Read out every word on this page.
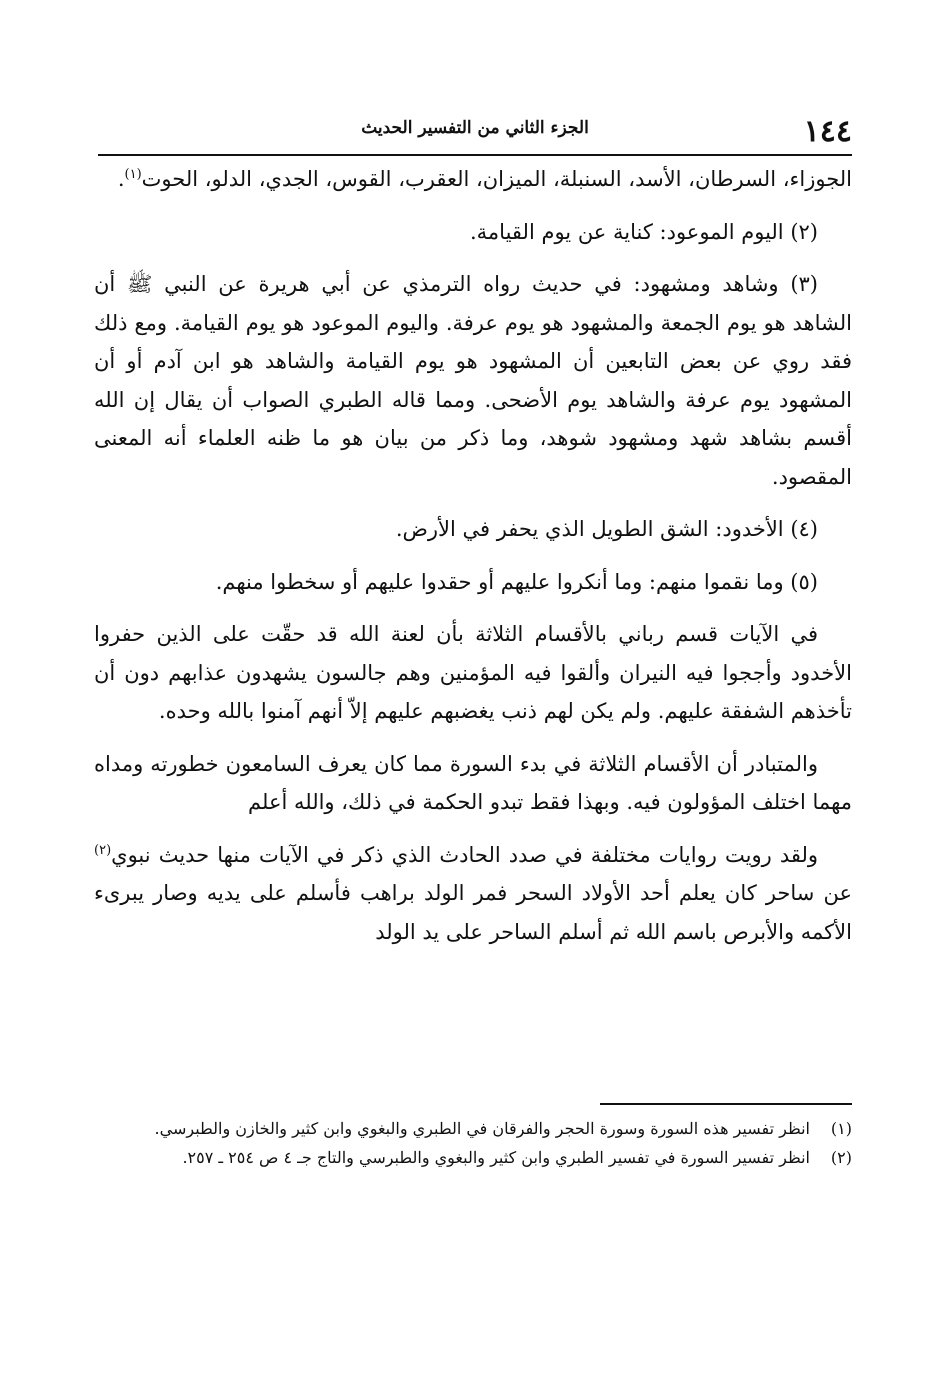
١٤٤
الجزء الثاني من التفسير الحديث

الجوزاء، السرطان، الأسد، السنبلة، الميزان، العقرب، القوس، الجدي، الدلو، الحوت$^{(١)}$.

(٢) اليوم الموعود: كناية عن يوم القيامة.

(٣) وشاهد ومشهود: في حديث رواه الترمذي عن أبي هريرة عن النبي ﷺ أن الشاهد هو يوم الجمعة والمشهود هو يوم عرفة. واليوم الموعود هو يوم القيامة. ومع ذلك فقد روي عن بعض التابعين أن المشهود هو يوم القيامة والشاهد هو ابن آدم أو أن المشهود يوم عرفة والشاهد يوم الأضحى. ومما قاله الطبري الصواب أن يقال إن الله أقسم بشاهد شهد ومشهود شوهد، وما ذكر من بيان هو ما ظنه العلماء أنه المعنى المقصود.

(٤) الأخدود: الشق الطويل الذي يحفر في الأرض.

(٥) وما نقموا منهم: وما أنكروا عليهم أو حقدوا عليهم أو سخطوا منهم.

في الآيات قسم رباني بالأقسام الثلاثة بأن لعنة الله قد حقّت على الذين حفروا الأخدود وأججوا فيه النيران وألقوا فيه المؤمنين وهم جالسون يشهدون عذابهم دون أن تأخذهم الشفقة عليهم. ولم يكن لهم ذنب يغضبهم عليهم إلاّ أنهم آمنوا بالله وحده.

والمتبادر أن الأقسام الثلاثة في بدء السورة مما كان يعرف السامعون خطورته ومداه مهما اختلف المؤولون فيه. وبهذا فقط تبدو الحكمة في ذلك، والله أعلم

ولقد رويت روايات مختلفة في صدد الحادث الذي ذكر في الآيات منها حديث نبوي$^{(٢)}$ عن ساحر كان يعلم أحد الأولاد السحر فمر الولد براهب فأسلم على يديه وصار يبرىء الأكمه والأبرص باسم الله ثم أسلم الساحر على يد الولد

(١)
انظر تفسير هذه السورة وسورة الحجر والفرقان في الطبري والبغوي وابن كثير والخازن والطبرسي.
(٢)
انظر تفسير السورة في تفسير الطبري وابن كثير والبغوي والطبرسي والتاج جـ ٤ ص ٢٥٤ ـ ٢٥٧.
